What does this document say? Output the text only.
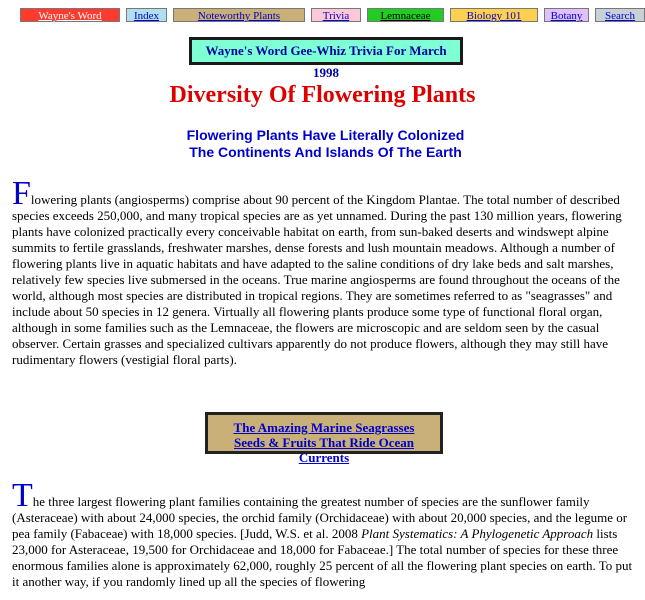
Wayne's Word	Index	Noteworthy Plants	Trivia	Lemnaceae	Biology 101	Botany	Search
Wayne's Word Gee-Whiz Trivia For March 1998
Diversity Of Flowering Plants
Flowering Plants Have Literally Colonized
The Continents And Islands Of The Earth

Flowering plants (angiosperms) comprise about 90 percent of the Kingdom Plantae. The total number of described species exceeds 250,000, and many tropical species are as yet unnamed. During the past 130 million years, flowering plants have colonized practically every conceivable habitat on earth, from sun-baked deserts and windswept alpine summits to fertile grasslands, freshwater marshes, dense forests and lush mountain meadows. Although a number of flowering plants live in aquatic habitats and have adapted to the saline conditions of dry lake beds and salt marshes, relatively few species live submersed in the oceans. True marine angiosperms are found throughout the oceans of the world, although most species are distributed in tropical regions. They are sometimes referred to as "seagrasses" and include about 50 species in 12 genera. Virtually all flowering plants produce some type of functional floral organ, although in some families such as the Lemnaceae, the flowers are microscopic and are seldom seen by the casual observer. Certain grasses and specialized cultivars apparently do not produce flowers, although they may still have rudimentary flowers (vestigial floral parts).

The Amazing Marine Seagrasses
Seeds & Fruits That Ride Ocean Currents

The three largest flowering plant families containing the greatest number of species are the sunflower family (Asteraceae) with about 24,000 species, the orchid family (Orchidaceae) with about 20,000 species, and the legume or pea family (Fabaceae) with 18,000 species. [Judd, W.S. et al. 2008 Plant Systematics: A Phylogenetic Approach lists 23,000 for Asteraceae, 19,500 for Orchidaceae and 18,000 for Fabaceae.] The total number of species for these three enormous families alone is approximately 62,000, roughly 25 percent of all the flowering plant species on earth. To put it another way, if you randomly lined up all the species of flowering
